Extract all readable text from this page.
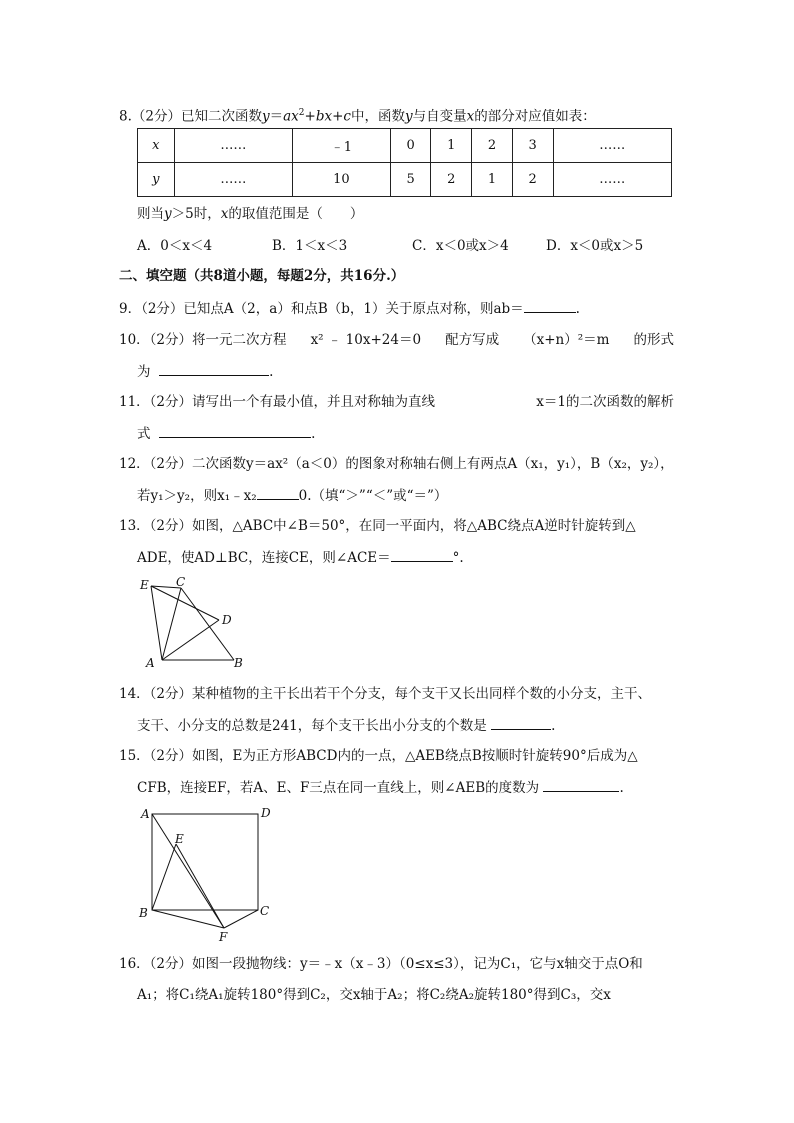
8.（2分）已知二次函数$y=ax^2+bx+c$中，函数y与自变量x的部分对应值如表：
x	……	﹣1	0	1	2	3	……
y	……	10	5	2	1	2	……
则当y＞5时，x的取值范围是（　　）
A．0＜x＜4	B．1＜x＜3	C．x＜0或x＞4	D．x＜0或x＞5
二、填空题（共8道小题，每题2分，共16分.）
9．（2分）已知点A（2，a）和点B（b，1）关于原点对称，则ab＝	.
10．（2分）将一元二次方程 x² ﹣ 10x+24＝0 配方写成 （x+n）²＝m 的形式
为	.
11．（2分）请写出一个有最小值，并且对称轴为直线	x＝1的二次函数的解析
式	.
12．（2分）二次函数y＝ax²（a＜0）的图象对称轴右侧上有两点A（x₁，y₁），B（x₂，y₂），
若y₁＞y₂，则x₁﹣x₂	0.（填“＞”“＜”或“＝”）
13．（2分）如图，△ABC中∠B＝50°，在同一平面内，将△ABC绕点A逆时针旋转到△
ADE，使AD⊥BC，连接CE，则∠ACE＝	°.
E C
D
A	B
14．（2分）某种植物的主干长出若干个分支，每个支干又长出同样个数的小分支，主干、
支干、小分支的总数是241，每个支干长出小分支的个数是	.
15．（2分）如图，E为正方形ABCD内的一点，△AEB绕点B按顺时针旋转90°后成为△
CFB，连接EF，若A、E、F三点在同一直线上，则∠AEB的度数为	.
A	D
E
B	C
F
16．（2分）如图一段抛物线：y＝﹣x（x﹣3）（0≤x≤3），记为C₁，它与x轴交于点O和
A₁；将C₁绕A₁旋转180°得到C₂，交x轴于A₂；将C₂绕A₂旋转180°得到C₃，交x
